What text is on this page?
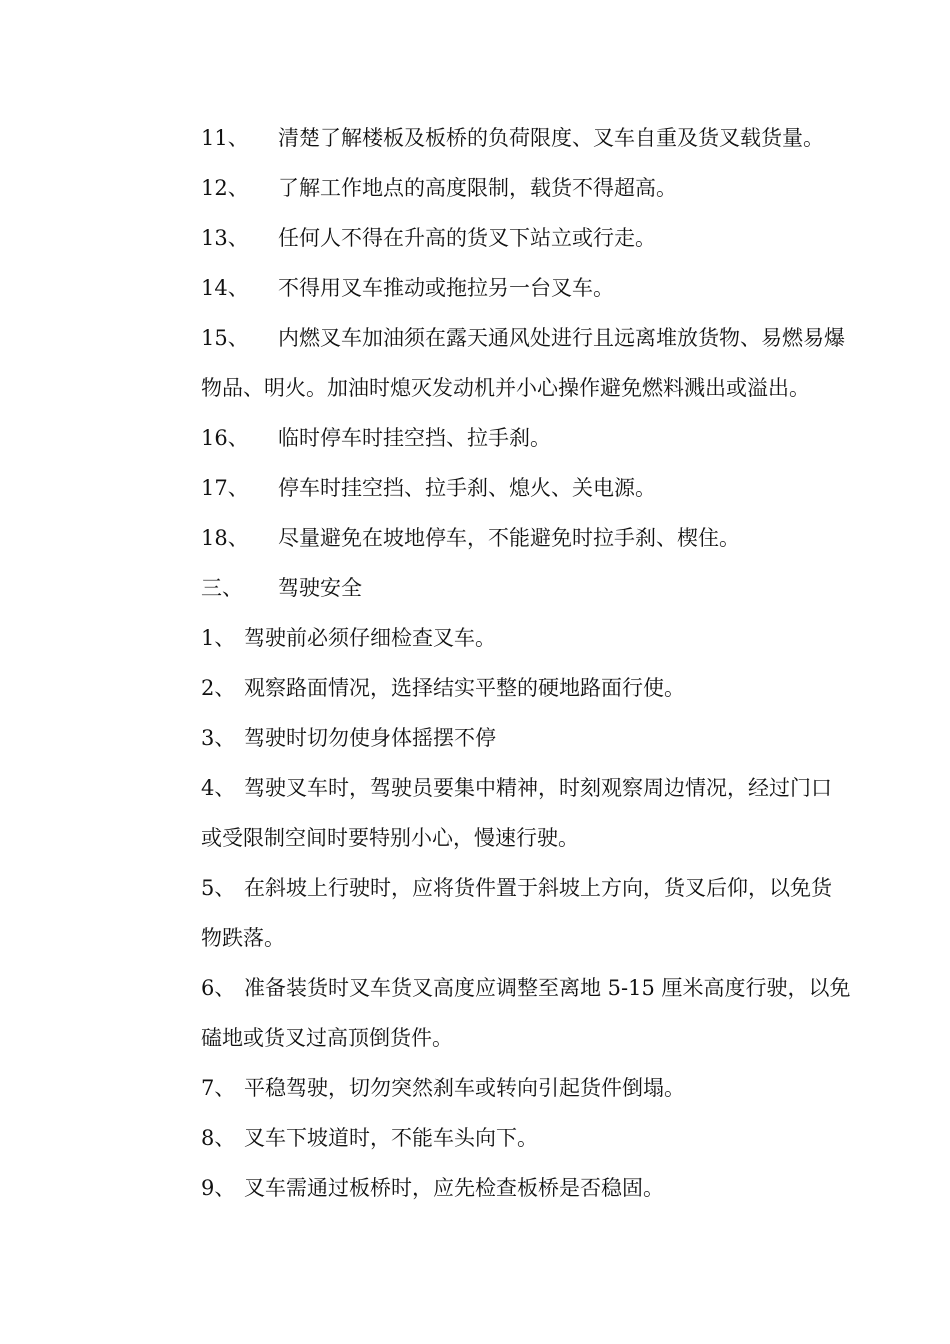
11、 清楚了解楼板及板桥的负荷限度、叉车自重及货叉载货量。
12、 了解工作地点的高度限制，载货不得超高。
13、 任何人不得在升高的货叉下站立或行走。
14、 不得用叉车推动或拖拉另一台叉车。
15、 内燃叉车加油须在露天通风处进行且远离堆放货物、易燃易爆
物品、明火。加油时熄灭发动机并小心操作避免燃料溅出或溢出。
16、 临时停车时挂空挡、拉手刹。
17、 停车时挂空挡、拉手刹、熄火、关电源。
18、 尽量避免在坡地停车，不能避免时拉手刹、楔住。
三、 驾驶安全
1、 驾驶前必须仔细检查叉车。
2、 观察路面情况，选择结实平整的硬地路面行使。
3、 驾驶时切勿使身体摇摆不停
4、 驾驶叉车时，驾驶员要集中精神，时刻观察周边情况，经过门口
或受限制空间时要特别小心，慢速行驶。
5、 在斜坡上行驶时，应将货件置于斜坡上方向，货叉后仰，以免货
物跌落。
6、 准备装货时叉车货叉高度应调整至离地 5-15 厘米高度行驶，以免
磕地或货叉过高顶倒货件。
7、 平稳驾驶，切勿突然刹车或转向引起货件倒塌。
8、 叉车下坡道时，不能车头向下。
9、 叉车需通过板桥时，应先检查板桥是否稳固。
